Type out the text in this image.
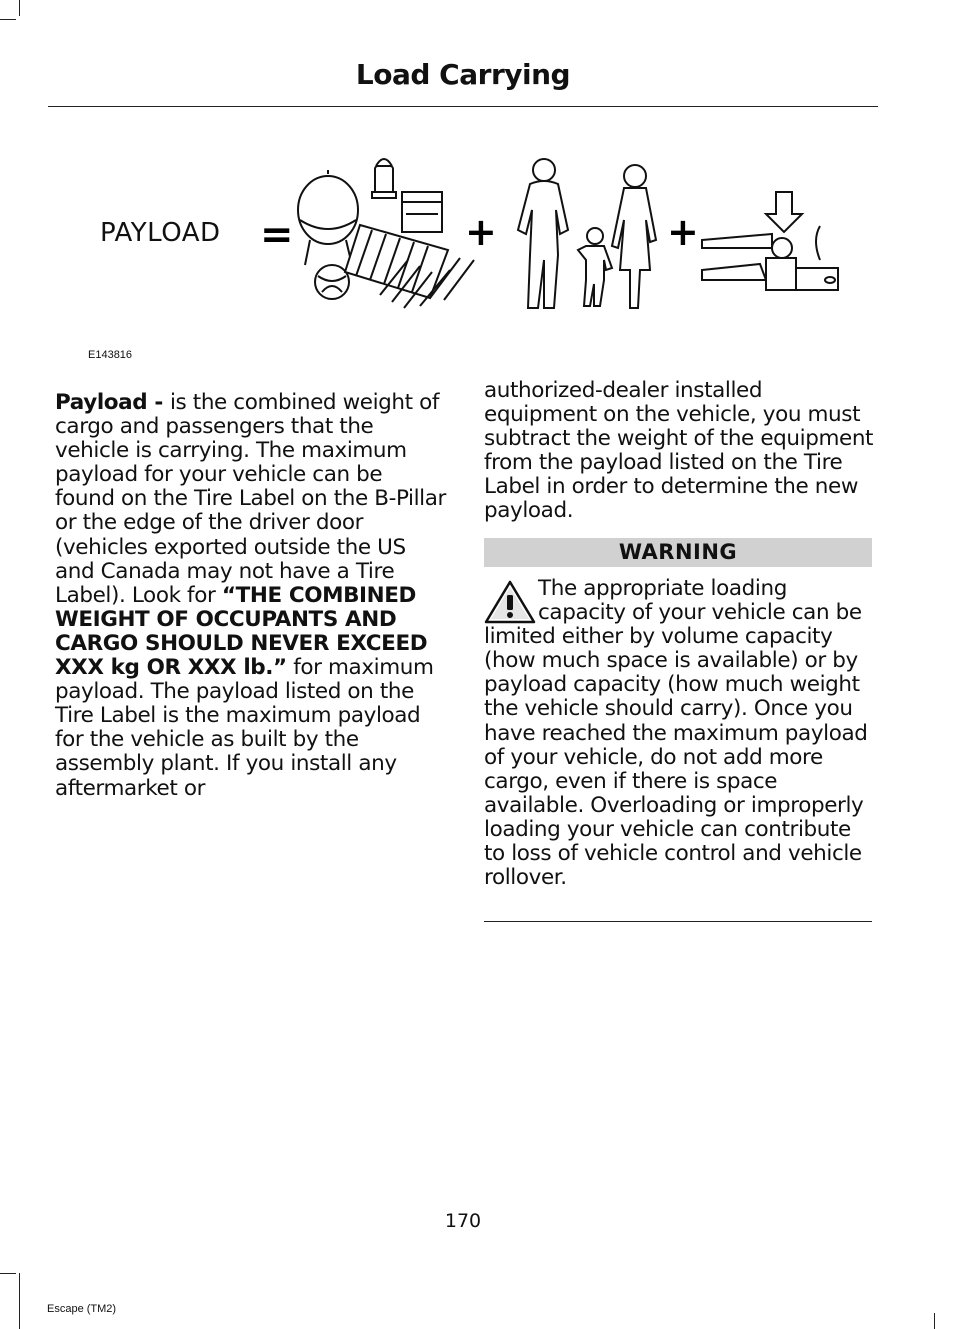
Load Carrying
PAYLOAD =	+	+
E143816

Payload - is the combined weight of cargo and passengers that the vehicle is carrying. The maximum payload for your vehicle can be found on the Tire Label on the B-Pillar or the edge of the driver door (vehicles exported outside the US and Canada may not have a Tire Label). Look for “THE COMBINED WEIGHT OF OCCUPANTS AND CARGO SHOULD NEVER EXCEED XXX kg OR XXX lb.” for maximum payload. The payload listed on the Tire Label is the maximum payload for the vehicle as built by the assembly plant. If you install any aftermarket or

authorized-dealer installed equipment on the vehicle, you must subtract the weight of the equipment from the payload listed on the Tire Label in order to determine the new payload.

WARNING
The appropriate loading capacity of your vehicle can be limited either by volume capacity (how much space is available) or by payload capacity (how much weight the vehicle should carry). Once you have reached the maximum payload of your vehicle, do not add more cargo, even if there is space available. Overloading or improperly loading your vehicle can contribute to loss of vehicle control and vehicle rollover.
170
Escape (TM2)
